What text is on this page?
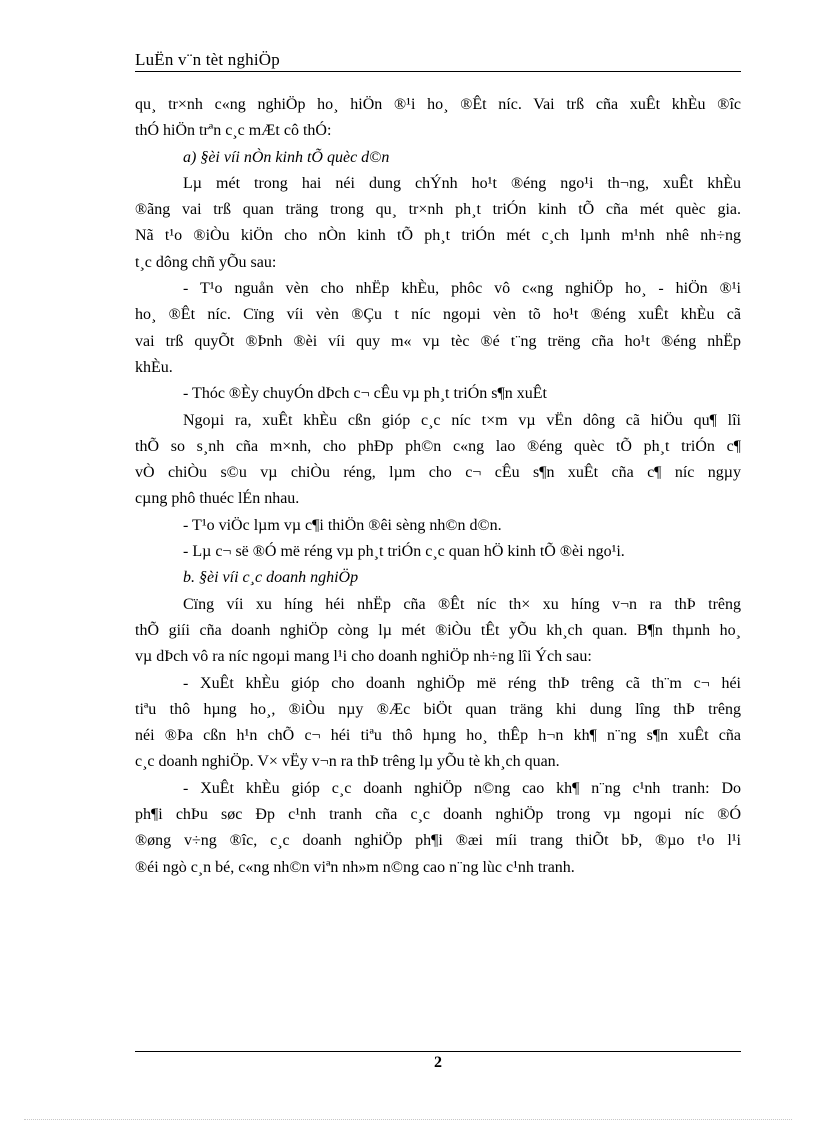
LuËn v¨n tèt nghiÖp

qu¸ tr×nh c«ng nghiÖp ho¸ hiÖn ®¹i ho¸ ®Êt níc. Vai trß cña xuÊt khÈu ®îc

thÓ hiÖn trªn c¸c mÆt cô thÓ:

a) §èi víi nÒn kinh tÕ quèc d©n

Lµ mét trong hai néi dung chÝnh ho¹t ®éng ngo¹i th¬ng, xuÊt khÈu

®ãng vai trß quan träng trong qu¸ tr×nh ph¸t triÓn kinh tÕ cña mét quèc gia.

Nã t¹o ®iÒu kiÖn cho nÒn kinh tÕ ph¸t triÓn mét c¸ch lµnh m¹nh nhê nh÷ng

t¸c dông chñ yÕu sau:

- T¹o nguån vèn cho nhËp khÈu, phôc vô c«ng nghiÖp ho¸ - hiÖn ®¹i

ho¸ ®Êt níc. Cïng víi vèn ®Çu t níc ngoµi vèn tõ ho¹t ®éng xuÊt khÈu cã

vai trß quyÕt ®Þnh ®èi víi quy m« vµ tèc ®é t¨ng trëng cña ho¹t ®éng nhËp

khÈu.

- Thóc ®Èy chuyÓn dÞch c¬ cÊu vµ ph¸t triÓn s¶n xuÊt

Ngoµi ra, xuÊt khÈu cßn gióp c¸c níc t×m vµ vËn dông cã hiÖu qu¶ lîi

thÕ so s¸nh cña m×nh, cho phÐp ph©n c«ng lao ®éng quèc tÕ ph¸t triÓn c¶

vÒ chiÒu s©u vµ chiÒu réng, lµm cho c¬ cÊu s¶n xuÊt cña c¶ níc ngµy

cµng phô thuéc lÉn nhau.

- T¹o viÖc lµm vµ c¶i thiÖn ®êi sèng nh©n d©n.

- Lµ c¬ së ®Ó më réng vµ ph¸t triÓn c¸c quan hÖ kinh tÕ ®èi ngo¹i.

b. §èi víi c¸c doanh nghiÖp

Cïng víi xu híng héi nhËp cña ®Êt níc th× xu híng v¬n ra thÞ trêng

thÕ giíi cña doanh nghiÖp còng lµ mét ®iÒu tÊt yÕu kh¸ch quan. B¶n thµnh ho¸

vµ dÞch vô ra níc ngoµi mang l¹i cho doanh nghiÖp nh÷ng lîi Ých sau:

- XuÊt khÈu gióp cho doanh nghiÖp më réng thÞ trêng cã th¨m c¬ héi

tiªu thô hµng ho¸, ®iÒu nµy ®Æc biÖt quan träng khi dung lîng thÞ trêng

néi ®Þa cßn h¹n chÕ c¬ héi tiªu thô hµng ho¸ thÊp h¬n kh¶ n¨ng s¶n xuÊt cña

c¸c doanh nghiÖp. V× vËy v¬n ra thÞ trêng lµ yÕu tè kh¸ch quan.

- XuÊt khÈu gióp c¸c doanh nghiÖp n©ng cao kh¶ n¨ng c¹nh tranh: Do

ph¶i chÞu søc Ðp c¹nh tranh cña c¸c doanh nghiÖp trong vµ ngoµi níc ®Ó

®øng v÷ng ®îc, c¸c doanh nghiÖp ph¶i ®æi míi trang thiÕt bÞ, ®µo t¹o l¹i

®éi ngò c¸n bé, c«ng nh©n viªn nh»m n©ng cao n¨ng lùc c¹nh tranh.

2
